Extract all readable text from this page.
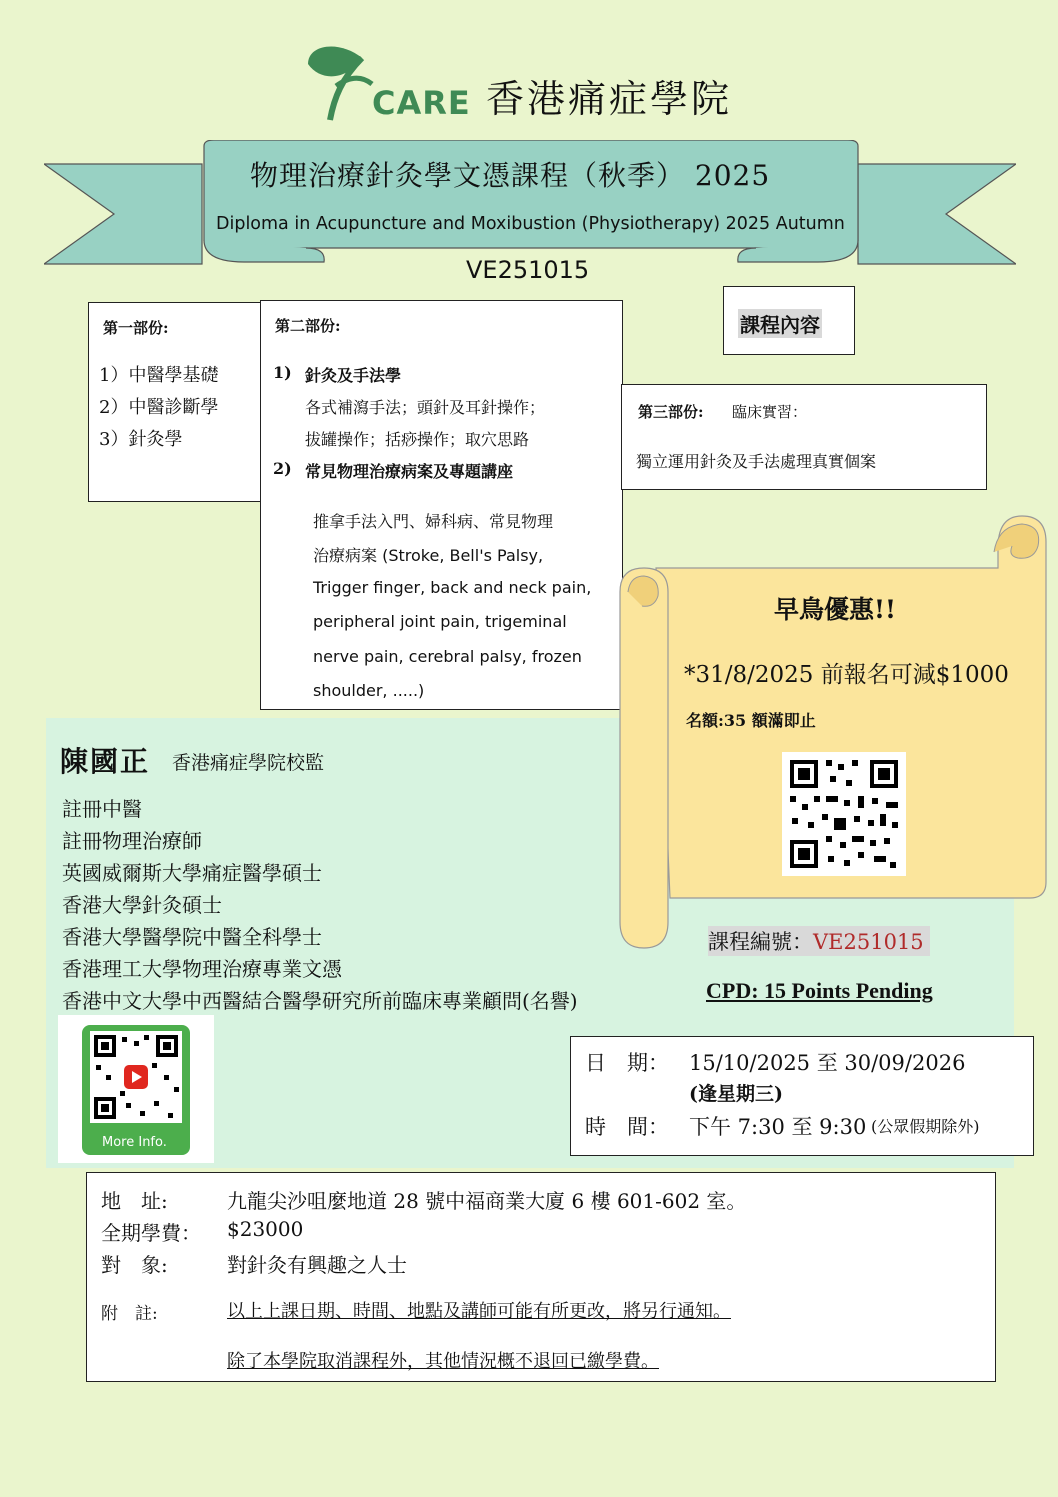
CARE 香港痛症學院
物理治療針灸學文憑課程（秋季） 2025
Diploma in Acupuncture and Moxibustion (Physiotherapy) 2025 Autumn
VE251015
課程內容
第一部份:
1）中醫學基礎
2）中醫診斷學
3）針灸學
第二部份:
1) 針灸及手法學
各式補瀉手法；頭針及耳針操作；
拔罐操作；括痧操作；取穴思路
2) 常見物理治療病案及專題講座
推拿手法入門、婦科病、常見物理
治療病案 (Stroke, Bell's Palsy,
Trigger finger, back and neck pain,
peripheral joint pain, trigeminal
nerve pain, cerebral palsy, frozen
shoulder, .....)
第三部份: 臨床實習：
獨立運用針灸及手法處理真實個案
早鳥優惠!!
*31/8/2025 前報名可減$1000
名額:35 額滿即止
陳國正 香港痛症學院校監
註冊中醫
註冊物理治療師
英國威爾斯大學痛症醫學碩士
香港大學針灸碩士
香港大學醫學院中醫全科學士
香港理工大學物理治療專業文憑
香港中文大學中西醫結合醫學研究所前臨床專業顧問(名譽)
More Info.
課程編號：VE251015
CPD: 15 Points Pending
日　期： 15/10/2025 至 30/09/2026
(逢星期三)
時　間： 下午 7:30 至 9:30 (公眾假期除外)
地　址:	九龍尖沙咀麼地道 28 號中福商業大廈 6 樓 601-602 室。
全期學費： $23000
對　象:	對針灸有興趣之人士
附　註:	以上上課日期、時間、地點及講師可能有所更改，將另行通知。
除了本學院取消課程外，其他情況概不退回已繳學費。
